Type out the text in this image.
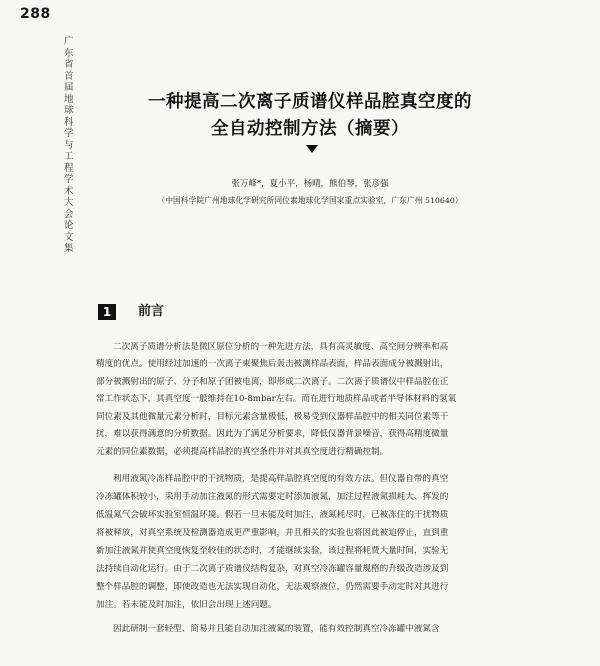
288
广东省首届地球科学与工程学术大会论文集
一种提高二次离子质谱仪样品腔真空度的
全自动控制方法（摘要）
张万峰*，夏小平，杨晴，熊伯琴，张彦强
（中国科学院广州地球化学研究所同位素地球化学国家重点实验室，广东广州 510640）
1	前言
二次离子质谱分析法是微区原位分析的一种先进方法，具有高灵敏度、高空间分辨率和高
精度的优点。使用经过加速的一次离子束聚焦后轰击被测样品表面，样品表面成分被溅射出，
部分被溅射出的原子、分子和原子团被电离，即形成二次离子。二次离子质谱仪中样品腔在正
常工作状态下，其真空度一般维持在10-8mbar左右。而在进行地质样品或者半导体材料的氢氧
同位素及其他微量元素分析时，目标元素含量极低，极易受到仪器样品腔中的相关同位素等干
扰，难以获得满意的分析数据。因此为了满足分析要求，降低仪器背景噪音，获得高精度微量
元素的同位素数据，必须提高样品腔的真空条件并对其真空度进行精确控制。
利用液氮冷冻样品腔中的干扰物质，是提高样品腔真空度的有效方法。但仪器自带的真空
冷冻罐体积较小，采用手动加注液氮的形式需要定时添加液氮，加注过程液氮损耗大、挥发的
低温氮气会破坏实验室恒温环境。假若一旦未能及时加注，液氮耗尽时，已被冻住的干扰物质
将被释放，对真空系统及检测器造成更严重影响，并且相关的实验也将因此被迫停止，直到重
新加注液氮并使真空度恢复至较佳的状态时，才能继续实验，该过程将耗费大量时间，实验无
法持续自动化运行。由于二次离子质谱仪结构复杂，对真空冷冻罐容量规格的升级改造涉及到
整个样品腔的调整，即使改造也无法实现自动化，无法观察液位，仍然需要手动定时对其进行
加注。若未能及时加注，依旧会出现上述问题。
因此研制一套轻型、简易并且能自动加注液氮的装置，能有效控制真空冷冻罐中液氮含
